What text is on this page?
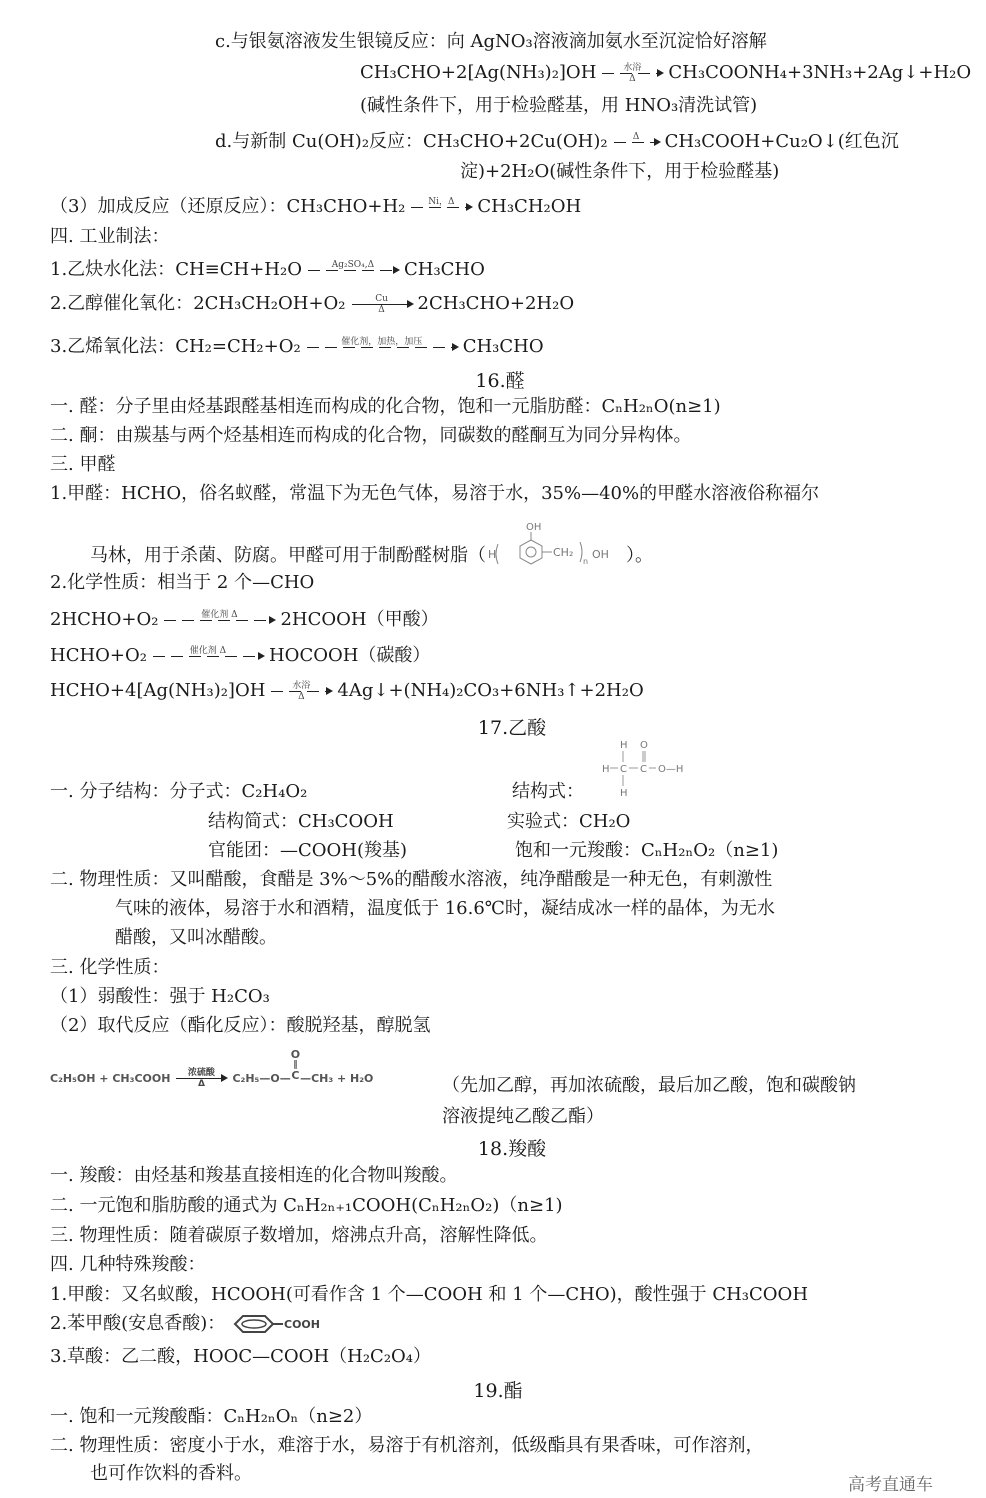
c.与银氨溶液发生银镜反应：向 AgNO₃溶液滴加氨水至沉淀恰好溶解
CH₃CHO+2[Ag(NH₃)₂]OH	水浴
Δ CH₃COONH₄+3NH₃+2Ag↓+H₂O
(碱性条件下，用于检验醛基，用 HNO₃清洗试管)
d.与新制 Cu(OH)₂反应： CH₃CHO+2Cu(OH)₂	Δ CH₃COOH+Cu₂O↓(红色沉
淀)+2H₂O(碱性条件下，用于检验醛基)
（3）加成反应（还原反应）： CH₃CHO+H₂	Ni，Δ CH₃CH₂OH
四. 工业制法：
1.乙炔水化法： CH≡CH+H₂O	Ag₂SO₄,Δ CH₃CHO
2.乙醇催化氧化： 2CH₃CH₂OH+O₂	Cu
Δ 2CH₃CHO+2H₂O
3.乙烯氧化法： CH₂=CH₂+O₂	催化剂，加热，加压 CH₃CHO
16.醛
一. 醛：分子里由烃基跟醛基相连而构成的化合物，饱和一元脂肪醛：CₙH₂ₙO(n≥1)
二. 酮：由羰基与两个烃基相连而构成的化合物，同碳数的醛酮互为同分异构体。
三. 甲醛
1.甲醛：HCHO，俗名蚁醛，常温下为无色气体，易溶于水，35%—40%的甲醛水溶液俗称福尔
马林，用于杀菌、防腐。甲醛可用于制酚醛树脂（
OH
H	CH₂
n
OH ）。
2.化学性质：相当于 2 个—CHO
2HCHO+O₂	催化剂 Δ 2HCOOH（甲酸）
HCHO+O₂	催化剂 Δ HOCOOH（碳酸）
HCHO+4[Ag(NH₃)₂]OH	水浴
Δ 4Ag↓+(NH₄)₂CO₃+6NH₃↑+2H₂O
17.乙酸
一. 分子结构：分子式：C₂H₄O₂	结构式：
H O
H C C O—H
H
结构简式：CH₃COOH	实验式：CH₂O
官能团：—COOH(羧基)	饱和一元羧酸：CₙH₂ₙO₂（n≥1)
二. 物理性质：又叫醋酸，食醋是 3%～5%的醋酸水溶液，纯净醋酸是一种无色，有刺激性
气味的液体，易溶于水和酒精，温度低于 16.6℃时，凝结成冰一样的晶体，为无水
醋酸，又叫冰醋酸。
三. 化学性质：
（1）弱酸性：强于 H₂CO₃
（2）取代反应（酯化反应）：酸脱羟基，醇脱氢
C₂H₅OH + CH₃COOH 浓硫酸
Δ	C₂H₅—O—
O
‖
C —CH₃ + H₂O	（先加乙醇，再加浓硫酸，最后加乙酸，饱和碳酸钠
溶液提纯乙酸乙酯）
18.羧酸
一. 羧酸：由烃基和羧基直接相连的化合物叫羧酸。
二. 一元饱和脂肪酸的通式为 CₙH₂ₙ₊₁COOH(CₙH₂ₙO₂)（n≥1)
三. 物理性质：随着碳原子数增加，熔沸点升高，溶解性降低。
四. 几种特殊羧酸：
1.甲酸：又名蚁酸，HCOOH(可看作含 1 个—COOH 和 1 个—CHO)，酸性强于 CH₃COOH
2.苯甲酸(安息香酸)：	COOH
3.草酸：乙二酸，HOOC—COOH（H₂C₂O₄）
19.酯
一. 饱和一元羧酸酯：CₙH₂ₙOₙ（n≥2）
二. 物理性质：密度小于水，难溶于水，易溶于有机溶剂，低级酯具有果香味，可作溶剂，
也可作饮料的香料。
高考直通车
